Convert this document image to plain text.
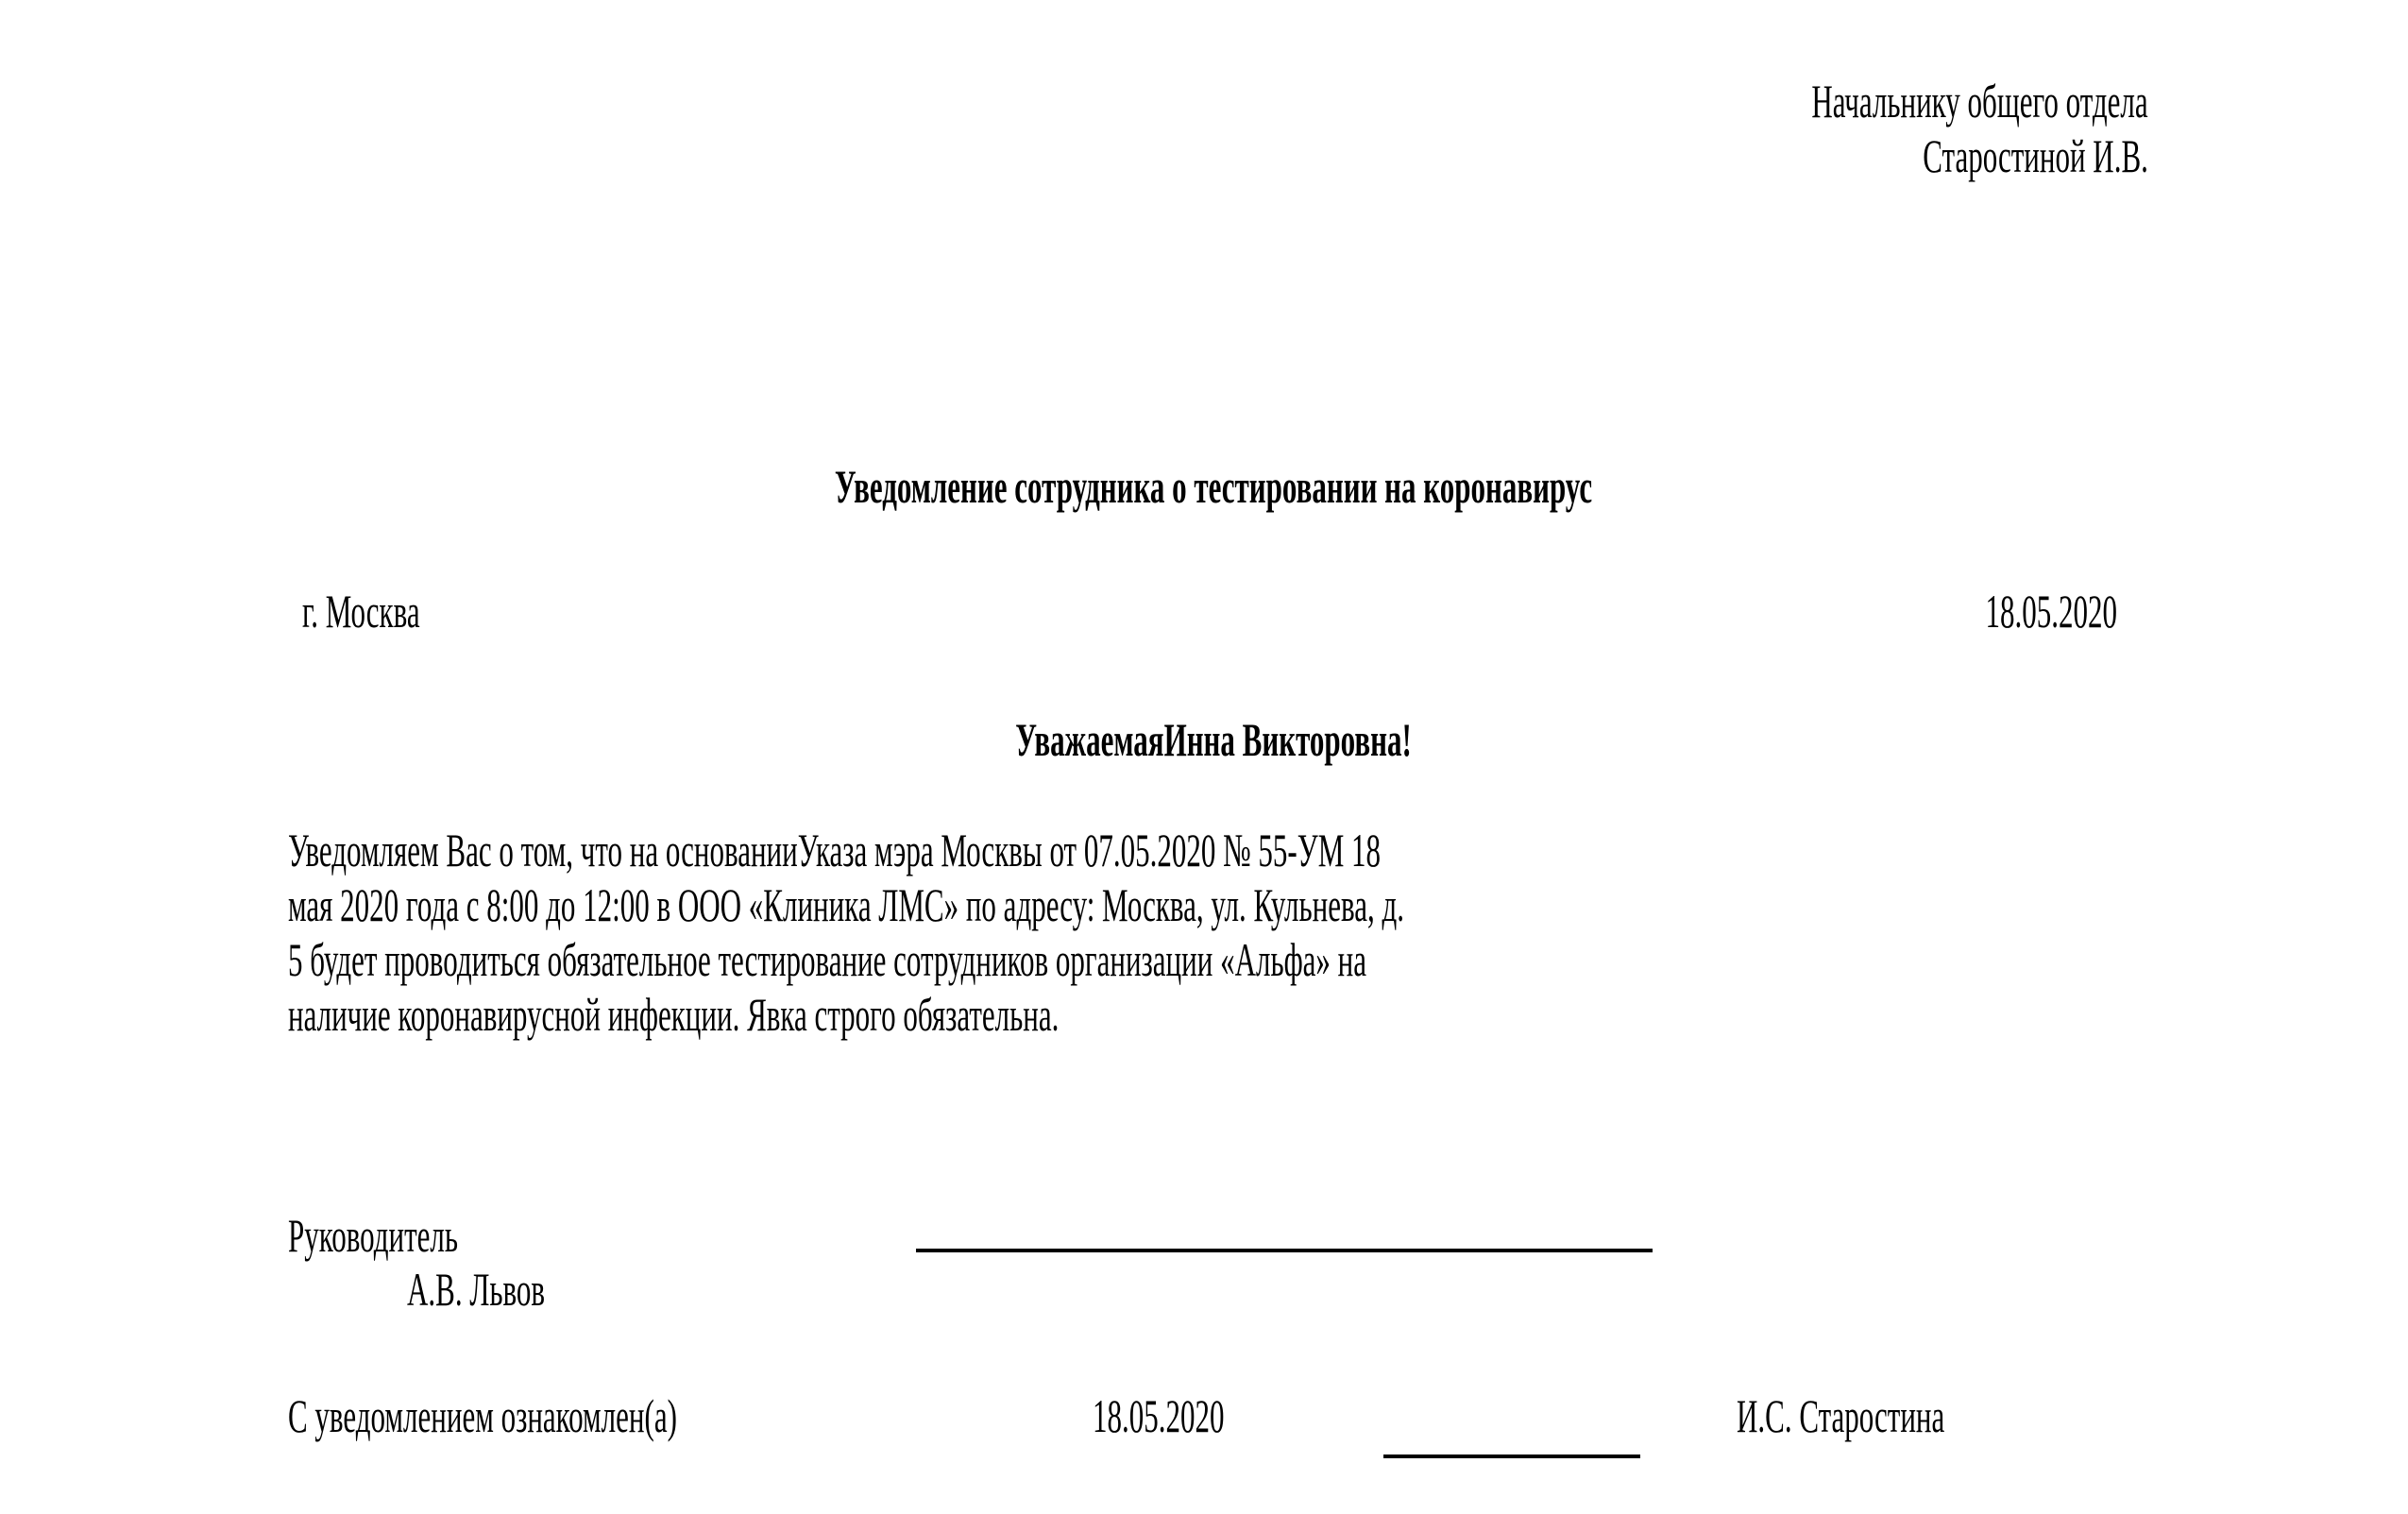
Начальнику общего отдела
Старостиной И.В.
Уведомление сотрудника о тестировании на коронавирус
г. Москва	18.05.2020
УважаемаяИнна Викторовна!
Уведомляем Вас о том, что на основанииУказа мэра Москвы от 07.05.2020 № 55-УМ 18
мая 2020 года с 8:00 до 12:00 в ООО «Клиника ЛМС» по адресу: Москва, ул. Кульнева, д.
5 будет проводиться обязательное тестирование сотрудников организации «Альфа» на
наличие коронавирусной инфекции. Явка строго обязательна.
Руководитель
А.В. Львов
С уведомлением ознакомлен(а)	18.05.2020	И.С. Старостина
